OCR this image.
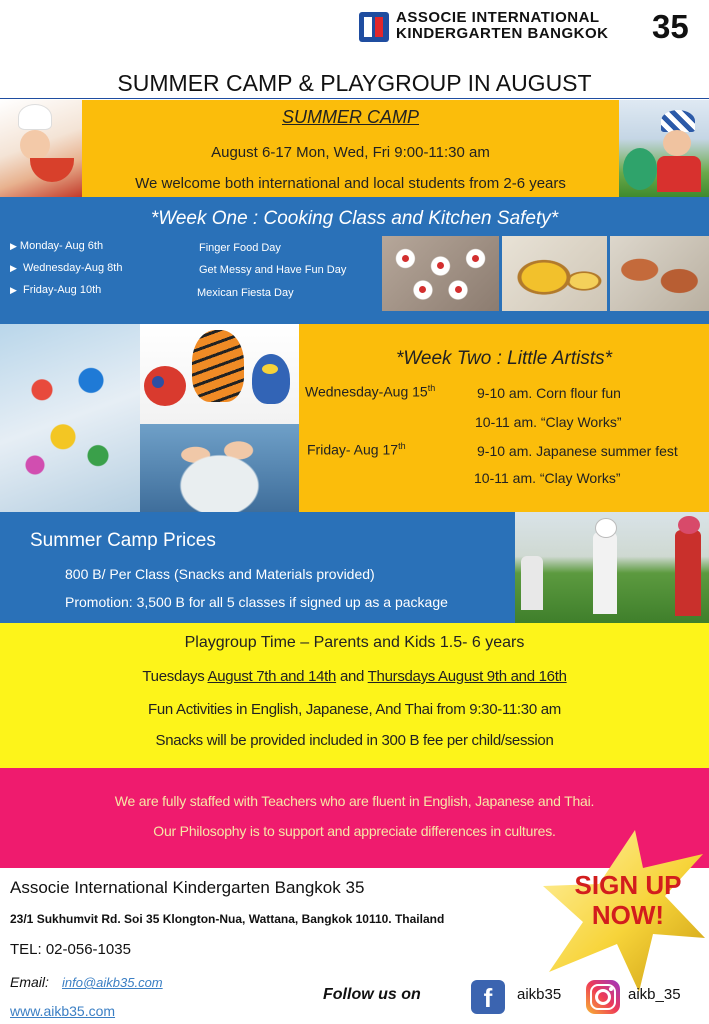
ASSOCIE INTERNATIONAL
KINDERGARTEN BANGKOK 35
SUMMER CAMP & PLAYGROUP IN AUGUST
SUMMER CAMP
August 6-17 Mon, Wed, Fri 9:00-11:30 am
We welcome both international and local students from 2-6 years
*Week One : Cooking Class and Kitchen Safety*
▶ Monday- Aug 6th	Finger Food Day
▶ Wednesday-Aug 8th	Get Messy and Have Fun Day
▶ Friday-Aug 10th	Mexican Fiesta Day
*Week Two : Little Artists*
Wednesday-Aug 15th	9-10 am. Corn flour fun
10-11 am. “Clay Works”
Friday- Aug 17th	9-10 am. Japanese summer fest
10-11 am. “Clay Works”
Summer Camp Prices
800 B/ Per Class (Snacks and Materials provided)
Promotion: 3,500 B for all 5 classes if signed up as a package
Playgroup Time – Parents and Kids 1.5- 6 years
Tuesdays August 7th and 14th and Thursdays August 9th and 16th
Fun Activities in English, Japanese, And Thai from 9:30-11:30 am
Snacks will be provided included in 300 B fee per child/session
We are fully staffed with Teachers who are fluent in English, Japanese and Thai.
Our Philosophy is to support and appreciate differences in cultures.
Associe International Kindergarten Bangkok 35
23/1 Sukhumvit Rd. Soi 35 Klongton-Nua, Wattana, Bangkok 10110. Thailand
TEL: 02-056-1035
Email: info@aikb35.com
www.aikb35.com
SIGN UP
NOW!
Follow us on	f	aikb35	aikb_35
